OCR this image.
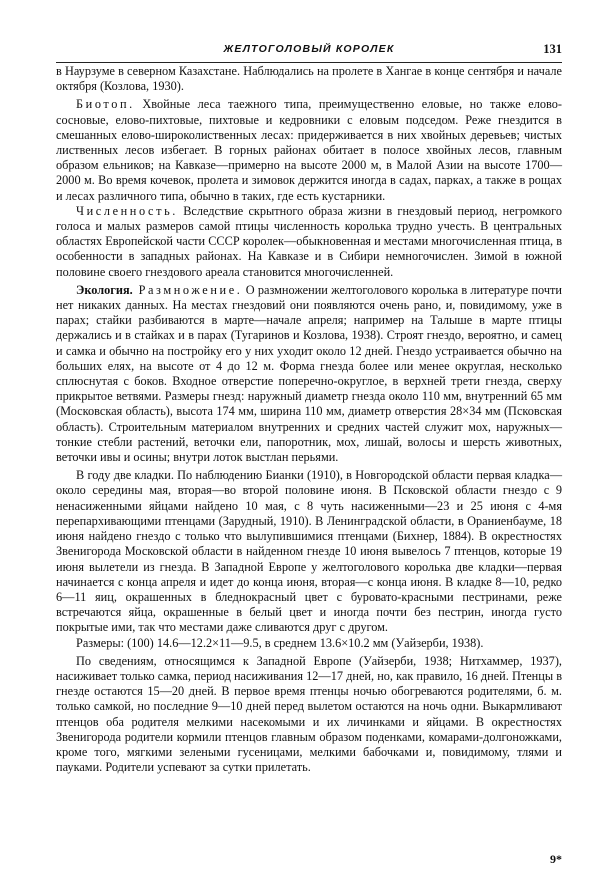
ЖЕЛТОГОЛОВЫЙ КОРОЛЕК	131

в Наурзуме в северном Казахстане. Наблюдались на пролете в Хангае в конце сентября и начале октября (Козлова, 1930).

Биотоп. Хвойные леса таежного типа, преимущественно еловые, но также елово-сосновые, елово-пихтовые, пихтовые и кедровники с еловым подседом. Реже гнездится в смешанных елово-широколиственных лесах: придерживается в них хвойных деревьев; чистых лиственных лесов избегает. В горных районах обитает в полосе хвойных лесов, главным образом ельников; на Кавказе—примерно на высоте 2000 м, в Малой Азии на высоте 1700—2000 м. Во время кочевок, пролета и зимовок держится иногда в садах, парках, а также в рощах и лесах различного типа, обычно в таких, где есть кустарники.

Численность. Вследствие скрытного образа жизни в гнездовый период, негромкого голоса и малых размеров самой птицы численность королька трудно учесть. В центральных областях Европейской части СССР королек—обыкновенная и местами многочисленная птица, в особенности в западных районах. На Кавказе и в Сибири немногочислен. Зимой в южной половине своего гнездового ареала становится многочисленней.

Экология. Размножение. О размножении желтоголового королька в литературе почти нет никаких данных. На местах гнездовий они появляются очень рано, и, повидимому, уже в парах; стайки разбиваются в марте—начале апреля; например на Талыше в марте птицы держались и в стайках и в парах (Тугаринов и Козлова, 1938). Строят гнездо, вероятно, и самец и самка и обычно на постройку его у них уходит около 12 дней. Гнездо устраивается обычно на больших елях, на высоте от 4 до 12 м. Форма гнезда более или менее округлая, несколько сплюснутая с боков. Входное отверстие поперечно-округлое, в верхней трети гнезда, сверху прикрытое ветвями. Размеры гнезд: наружный диаметр гнезда около 110 мм, внутренний 65 мм (Московская область), высота 174 мм, ширина 110 мм, диаметр отверстия 28×34 мм (Псковская область). Строительным материалом внутренних и средних частей служит мох, наружных—тонкие стебли растений, веточки ели, папоротник, мох, лишай, волосы и шерсть животных, веточки ивы и осины; внутри лоток выстлан перьями.

В году две кладки. По наблюдению Бианки (1910), в Новгородской области первая кладка—около середины мая, вторая—во второй половине июня. В Псковской области гнездо с 9 ненасиженными яйцами найдено 10 мая, с 8 чуть насиженными—23 и 25 июня с 4-мя перепархивающими птенцами (Зарудный, 1910). В Ленинградской области, в Ораниенбауме, 18 июня найдено гнездо с только что вылупившимися птенцами (Бихнер, 1884). В окрестностях Звенигорода Московской области в найденном гнезде 10 июня вывелось 7 птенцов, которые 19 июня вылетели из гнезда. В Западной Европе у желтоголового королька две кладки—первая начинается с конца апреля и идет до конца июня, вторая—с конца июня. В кладке 8—10, редко 6—11 яиц, окрашенных в бледнокрасный цвет с буровато-красными пестринами, реже встречаются яйца, окрашенные в белый цвет и иногда почти без пестрин, иногда густо покрытые ими, так что местами даже сливаются друг с другом.

Размеры: (100) 14.6—12.2×11—9.5, в среднем 13.6×10.2 мм (Уайзерби, 1938).

По сведениям, относящимся к Западной Европе (Уайзерби, 1938; Нитхаммер, 1937), насиживает только самка, период насиживания 12—17 дней, но, как правило, 16 дней. Птенцы в гнезде остаются 15—20 дней. В первое время птенцы ночью обогреваются родителями, б. м. только самкой, но последние 9—10 дней перед вылетом остаются на ночь одни. Выкармливают птенцов оба родителя мелкими насекомыми и их личинками и яйцами. В окрестностях Звенигорода родители кормили птенцов главным образом поденками, комарами-долгоножками, кроме того, мягкими зелеными гусеницами, мелкими бабочками и, повидимому, тлями и пауками. Родители успевают за сутки прилетать.

9*
